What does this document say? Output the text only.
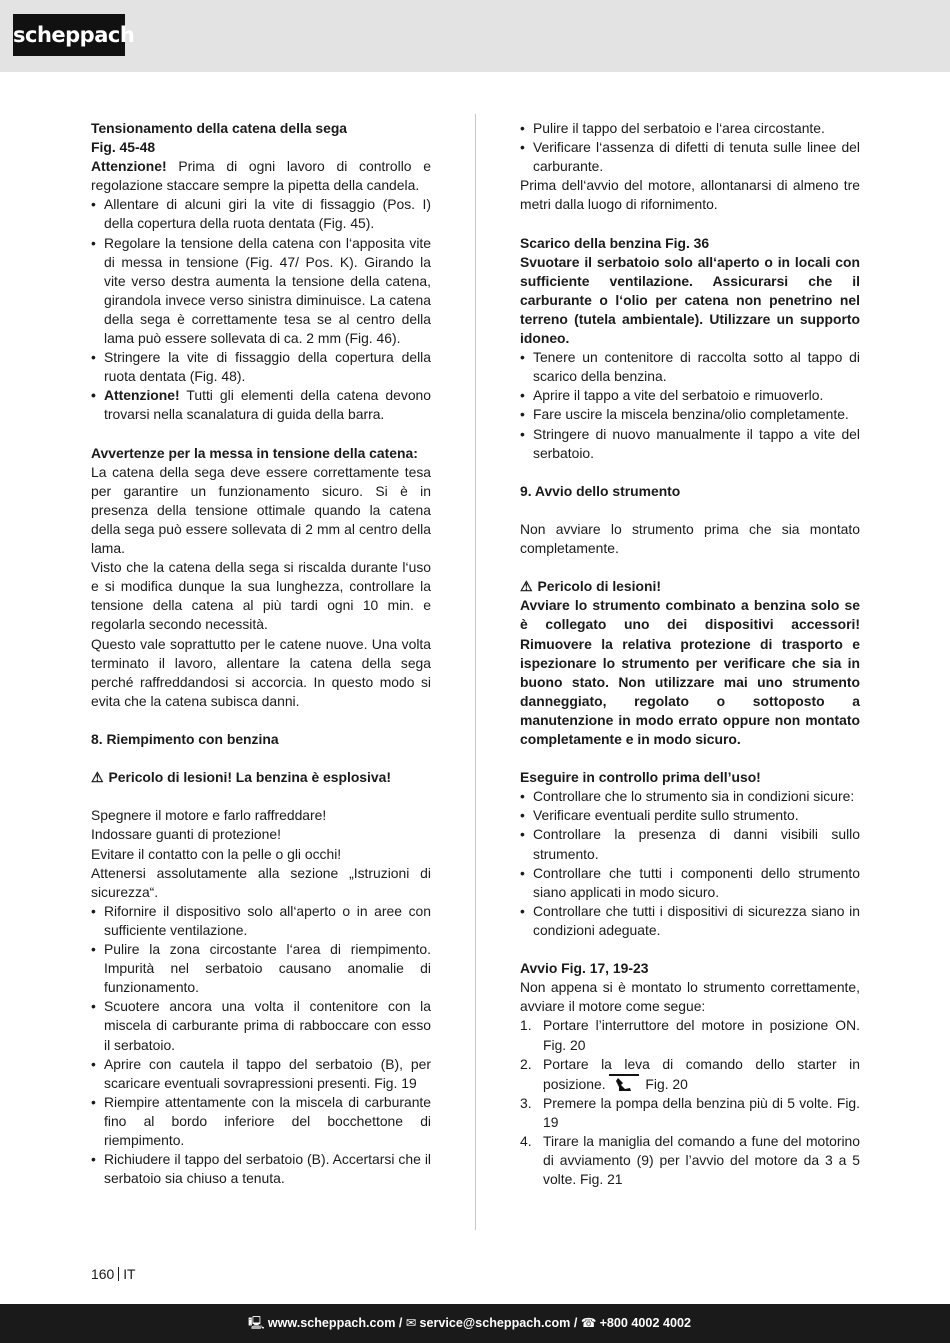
scheppach

Tensionamento della catena della sega

Fig. 45-48

Attenzione! Prima di ogni lavoro di controllo e regolazione staccare sempre la pipetta della candela.

• Allentare di alcuni giri la vite di fissaggio (Pos. I) della copertura della ruota dentata (Fig. 45).
• Regolare la tensione della catena con l‘apposita vite di messa in tensione (Fig. 47/ Pos. K). Girando la vite verso destra aumenta la tensione della catena, girandola invece verso sinistra diminuisce. La catena della sega è correttamente tesa se al centro della lama può essere sollevata di ca. 2 mm (Fig. 46).
• Stringere la vite di fissaggio della copertura della ruota dentata (Fig. 48).
• Attenzione! Tutti gli elementi della catena devono trovarsi nella scanalatura di guida della barra.

Avvertenze per la messa in tensione della catena:

La catena della sega deve essere correttamente tesa per garantire un funzionamento sicuro. Si è in presenza della tensione ottimale quando la catena della sega può essere sollevata di 2 mm al centro della lama.

Visto che la catena della sega si riscalda durante l‘uso e si modifica dunque la sua lunghezza, controllare la tensione della catena al più tardi ogni 10 min. e regolarla secondo necessità.

Questo vale soprattutto per le catene nuove. Una volta terminato il lavoro, allentare la catena della sega perché raffreddandosi si accorcia. In questo modo si evita che la catena subisca danni.

8. Riempimento con benzina

⚠ Pericolo di lesioni! La benzina è esplosiva!

Spegnere il motore e farlo raffreddare!

Indossare guanti di protezione!

Evitare il contatto con la pelle o gli occhi!

Attenersi assolutamente alla sezione „Istruzioni di sicurezza“.

• Rifornire il dispositivo solo all‘aperto o in aree con sufficiente ventilazione.
• Pulire la zona circostante l‘area di riempimento. Impurità nel serbatoio causano anomalie di funzionamento.
• Scuotere ancora una volta il contenitore con la miscela di carburante prima di rabboccare con esso il serbatoio.
• Aprire con cautela il tappo del serbatoio (B), per scaricare eventuali sovrapressioni presenti. Fig. 19
• Riempire attentamente con la miscela di carburante fino al bordo inferiore del bocchettone di riempimento.
• Richiudere il tappo del serbatoio (B). Accertarsi che il serbatoio sia chiuso a tenuta.
• Pulire il tappo del serbatoio e l‘area circostante.
• Verificare l‘assenza di difetti di tenuta sulle linee del carburante.

Prima dell‘avvio del motore, allontanarsi di almeno tre metri dalla luogo di rifornimento.

Scarico della benzina Fig. 36

Svuotare il serbatoio solo all‘aperto o in locali con sufficiente ventilazione. Assicurarsi che il carburante o l‘olio per catena non penetrino nel terreno (tutela ambientale). Utilizzare un supporto idoneo.

• Tenere un contenitore di raccolta sotto al tappo di scarico della benzina.
• Aprire il tappo a vite del serbatoio e rimuoverlo.
• Fare uscire la miscela benzina/olio completamente.
• Stringere di nuovo manualmente il tappo a vite del serbatoio.

9. Avvio dello strumento

Non avviare lo strumento prima che sia montato completamente.

⚠ Pericolo di lesioni!

Avviare lo strumento combinato a benzina solo se è collegato uno dei dispositivi accessori! Rimuovere la relativa protezione di trasporto e ispezionare lo strumento per verificare che sia in buono stato. Non utilizzare mai uno strumento danneggiato, regolato o sottoposto a manutenzione in modo errato oppure non montato completamente e in modo sicuro.

Eseguire in controllo prima dell’uso!

• Controllare che lo strumento sia in condizioni sicure:
• Verificare eventuali perdite sullo strumento.
• Controllare la presenza di danni visibili sullo strumento.
• Controllare che tutti i componenti dello strumento siano applicati in modo sicuro.
• Controllare che tutti i dispositivi di sicurezza siano in condizioni adeguate.

Avvio Fig. 17, 19-23

Non appena si è montato lo strumento correttamente, avviare il motore come segue:

1. Portare l’interruttore del motore in posizione ON. Fig. 20
2. Portare la leva di comando dello starter in posizione.	Fig. 20
3. Premere la pompa della benzina più di 5 volte. Fig. 19
4. Tirare la maniglia del comando a fune del motorino di avviamento (9) per l’avvio del motore da 3 a 5 volte. Fig. 21
160 IT
🖳 www.scheppach.com / ✉ service@scheppach.com / ☎ +800 4002 4002
